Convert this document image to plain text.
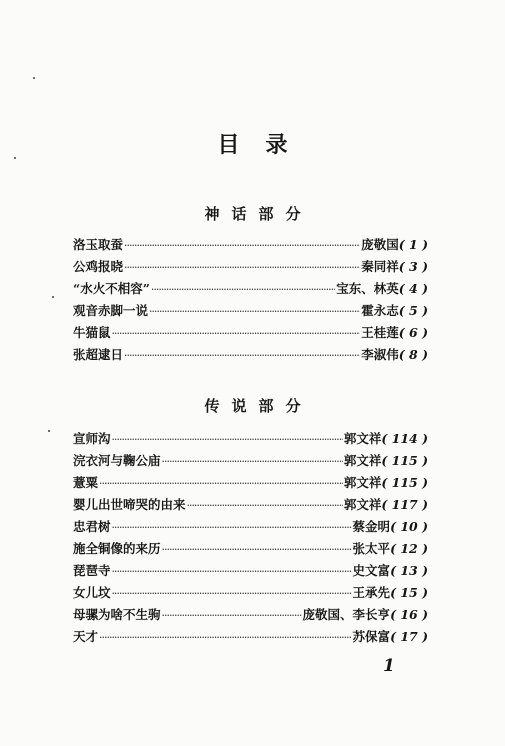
目录
神话部分
洛玉取蚕 ·····	庞敬国 ( 1 )
公鸡报晓 ·····	秦同祥 ( 3 )
“水火不相容” ·····	宝东、林英 ( 4 )
观音赤脚一说 ·····	霍永志 ( 5 )
牛猫鼠 ·····	王桂莲 ( 6 )
张超逮日 ·····	李淑伟 ( 8 )
传说部分
宣师沟 ·····	郭文祥 ( 114 )
浣衣河与鞠公庙 ·····	郭文祥 ( 115 )
薏粟 ·····	郭文祥 ( 115 )
婴儿出世啼哭的由来 ·····	郭文祥 ( 117 )
忠君树 ·····	蔡金明 ( 10 )
施全铜像的来历 ·····	张太平 ( 12 )
琵琶寺 ·····	史文富 ( 13 )
女儿坟 ·····	王承先 ( 15 )
母骡为啥不生驹 ·····	庞敬国、李长亨 ( 16 )
天才 ·····	苏保富 ( 17 )
1
